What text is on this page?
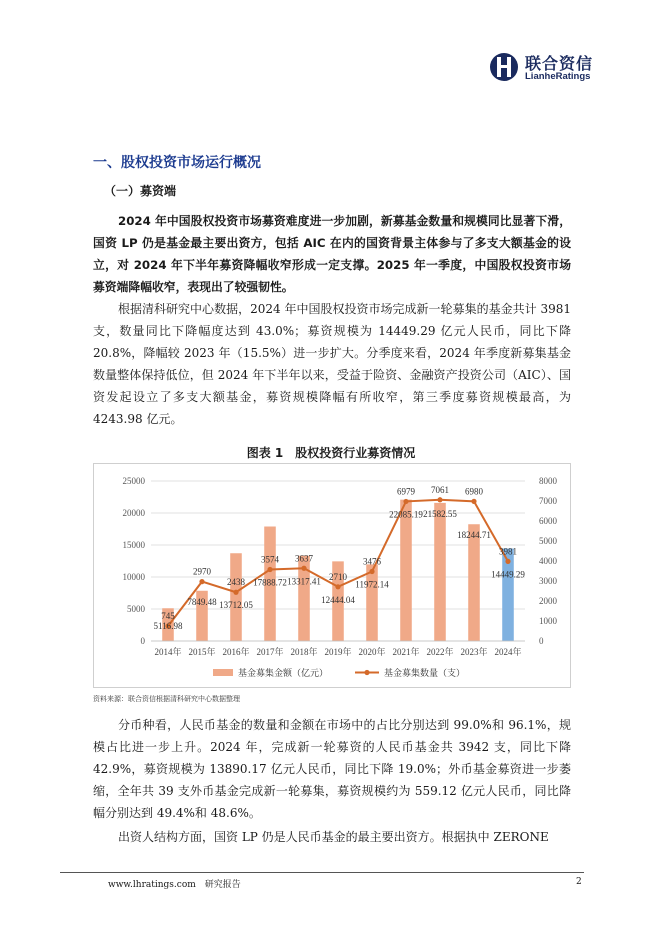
联合资信
LianheRatings
一、股权投资市场运行概况
（一）募资端

2024 年中国股权投资市场募资难度进一步加剧，新募基金数量和规模同比显著下滑，国资 LP 仍是基金最主要出资方，包括 AIC 在内的国资背景主体参与了多支大额基金的设立，对 2024 年下半年募资降幅收窄形成一定支撑。2025 年一季度，中国股权投资市场募资端降幅收窄，表现出了较强韧性。

根据清科研究中心数据，2024 年中国股权投资市场完成新一轮募集的基金共计 3981 支，数量同比下降幅度达到 43.0%；募资规模为 14449.29 亿元人民币，同比下降 20.8%，降幅较 2023 年（15.5%）进一步扩大。分季度来看，2024 年季度新募集基金数量整体保持低位，但 2024 年下半年以来，受益于险资、金融资产投资公司（AIC）、国资发起设立了多支大额基金，募资规模降幅有所收窄，第三季度募资规模最高，为 4243.98 亿元。

图表 1　股权投资行业募资情况
0
5000
10000
15000
20000
25000
0
1000
2000
3000
4000
5000
6000
7000
8000
5116.98
7849.48 13712.05
17888.72 13317.41
12444.04
11972.14
22085.19 21582.55
18244.71
14449.29
745
2970
2438
3574 3637
2710
3476
6979 7061 6980
3981
2014年 2015年 2016年 2017年 2018年 2019年 2020年 2021年 2022年 2023年 2024年
基金募集金额（亿元）	基金募集数量（支）
资料来源：联合资信根据清科研究中心数据整理

分币种看，人民币基金的数量和金额在市场中的占比分别达到 99.0%和 96.1%，规模占比进一步上升。2024 年，完成新一轮募资的人民币基金共 3942 支，同比下降 42.9%，募资规模为 13890.17 亿元人民币，同比下降 19.0%；外币基金募资进一步萎缩，全年共 39 支外币基金完成新一轮募集，募资规模约为 559.12 亿元人民币，同比降幅分别达到 49.4%和 48.6%。

出资人结构方面，国资 LP 仍是人民币基金的最主要出资方。根据执中 ZERONE

www.lhratings.com　研究报告	2
